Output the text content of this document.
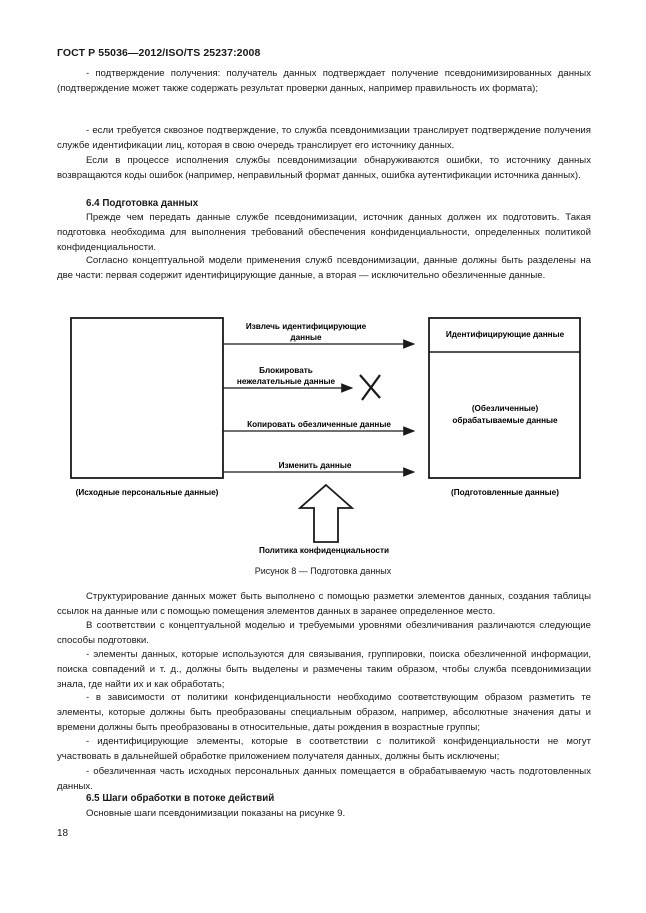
ГОСТ Р 55036—2012/ISO/TS 25237:2008

- подтверждение получения: получатель данных подтверждает получение псевдонимизированных данных (подтверждение может также содержать результат проверки данных, например правильность их формата);

- если требуется сквозное подтверждение, то служба псевдонимизации транслирует подтверждение получения службе идентификации лиц, которая в свою очередь транслирует его источнику данных.

Если в процессе исполнения службы псевдонимизации обнаруживаются ошибки, то источнику данных возвращаются коды ошибок (например, неправильный формат данных, ошибка аутентификации источника данных).

6.4 Подготовка данных

Прежде чем передать данные службе псевдонимизации, источник данных должен их подготовить. Такая подготовка необходима для выполнения требований обеспечения конфиденциальности, определенных политикой конфиденциальности.

Согласно концептуальной модели применения служб псевдонимизации, данные должны быть разделены на две части: первая содержит идентифицирующие данные, а вторая — исключительно обезличенные данные.

(Исходные персональные данные)
Идентифицирующие данные
(Обезличенные)
обрабатываемые данные
(Подготовленные данные)
Извлечь идентифицирующие
данные
Блокировать
нежелательные данные
Копировать обезличенные данные
Изменить данные
Политика конфиденциальности
Рисунок 8 — Подготовка данных

Структурирование данных может быть выполнено с помощью разметки элементов данных, создания таблицы ссылок на данные или с помощью помещения элементов данных в заранее определенное место.

В соответствии с концептуальной моделью и требуемыми уровнями обезличивания различаются следующие способы подготовки.

- элементы данных, которые используются для связывания, группировки, поиска обезличенной информации, поиска совпадений и т. д., должны быть выделены и размечены таким образом, чтобы служба псевдонимизации знала, где найти их и как обработать;

- в зависимости от политики конфиденциальности необходимо соответствующим образом разметить те элементы, которые должны быть преобразованы специальным образом, например, абсолютные значения даты и времени должны быть преобразованы в относительные, даты рождения в возрастные группы;

- идентифицирующие элементы, которые в соответствии с политикой конфиденциальности не могут участвовать в дальнейшей обработке приложением получателя данных, должны быть исключены;

- обезличенная часть исходных персональных данных помещается в обрабатываемую часть подготовленных данных.

6.5 Шаги обработки в потоке действий

Основные шаги псевдонимизации показаны на рисунке 9.

18
